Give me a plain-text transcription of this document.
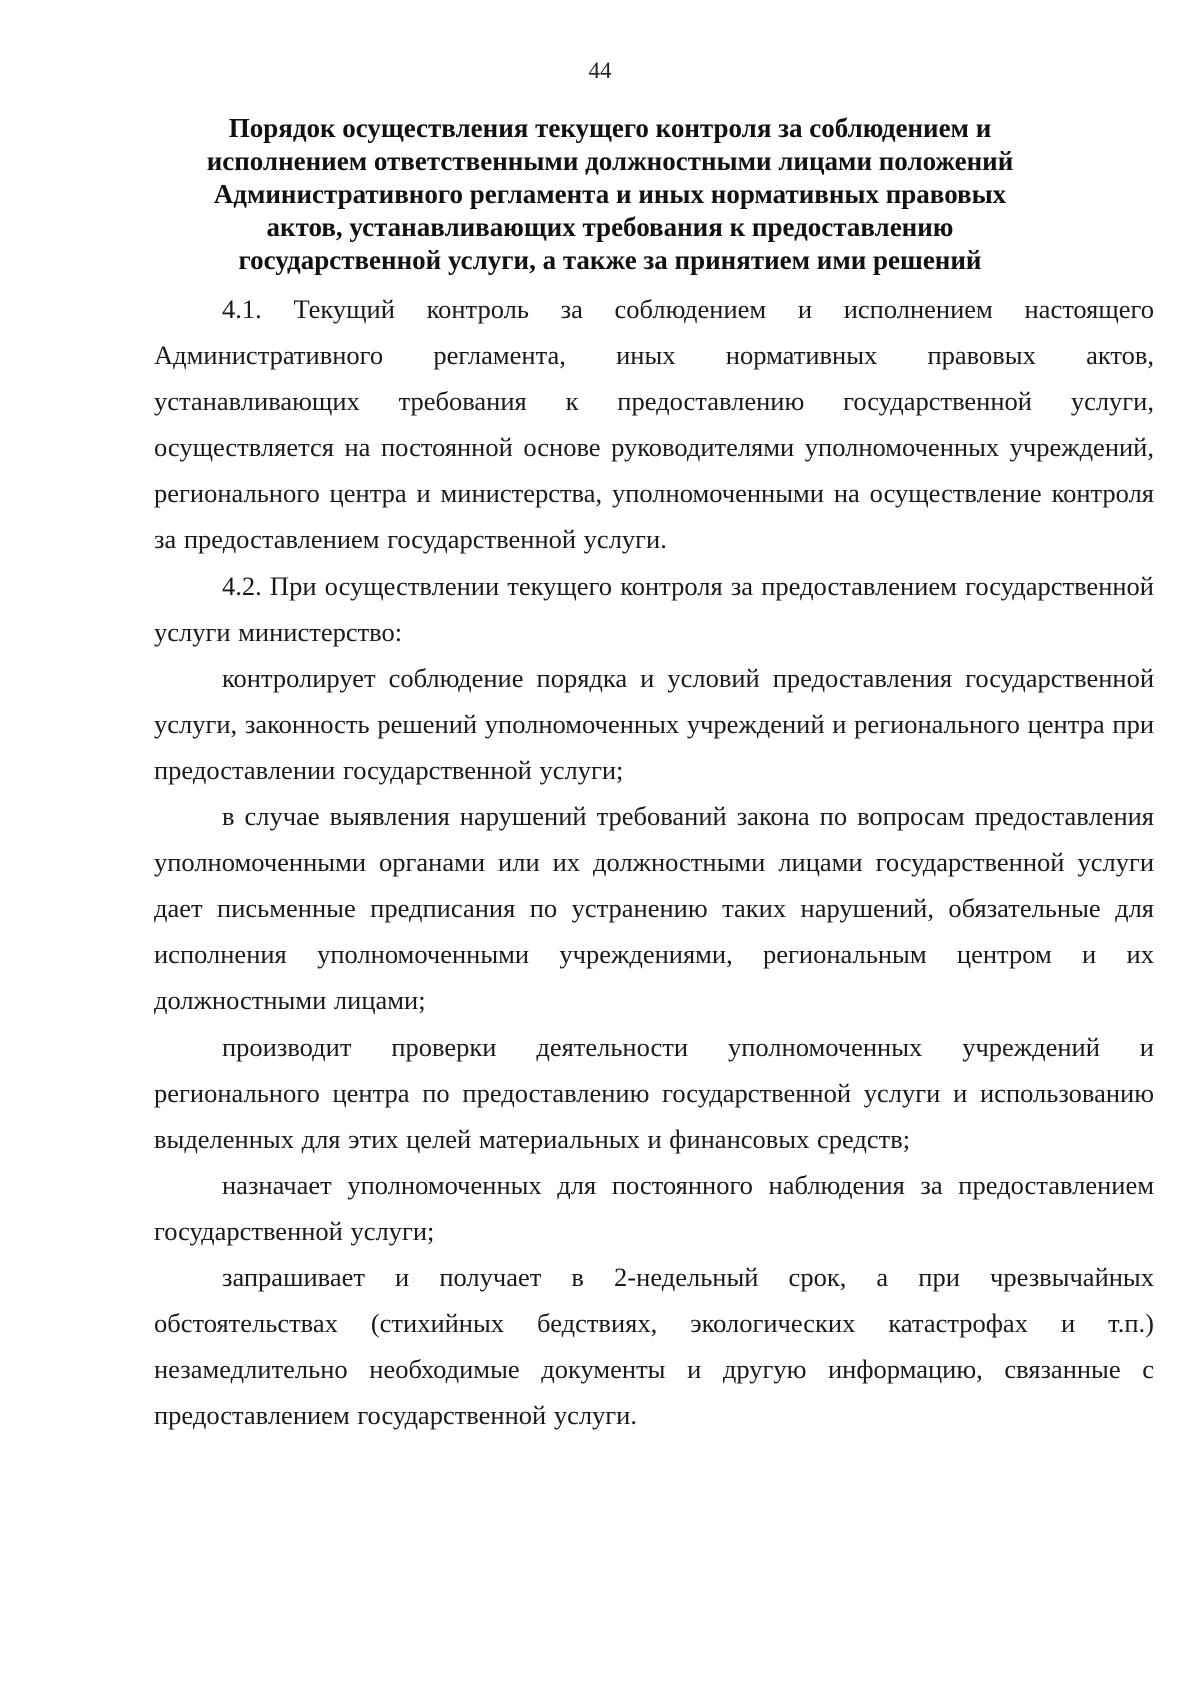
44
Порядок осуществления текущего контроля за соблюдением и
исполнением ответственными должностными лицами положений
Административного регламента и иных нормативных правовых
актов, устанавливающих требования к предоставлению
государственной услуги, а также за принятием ими решений

4.1. Текущий контроль за соблюдением и исполнением настоящего Административного регламента, иных нормативных правовых актов, устанавливающих требования к предоставлению государственной услуги, осуществляется на постоянной основе руководителями уполномоченных учреждений, регионального центра и министерства, уполномоченными на осуществление контроля за предоставлением государственной услуги.

4.2. При осуществлении текущего контроля за предоставлением государственной услуги министерство:

контролирует соблюдение порядка и условий предоставления государственной услуги, законность решений уполномоченных учреждений и регионального центра при предоставлении государственной услуги;

в случае выявления нарушений требований закона по вопросам предоставления уполномоченными органами или их должностными лицами государственной услуги дает письменные предписания по устранению таких нарушений, обязательные для исполнения уполномоченными учреждениями, региональным центром и их должностными лицами;

производит проверки деятельности уполномоченных учреждений и регионального центра по предоставлению государственной услуги и использованию выделенных для этих целей материальных и финансовых средств;

назначает уполномоченных для постоянного наблюдения за предоставлением государственной услуги;

запрашивает и получает в 2-недельный срок, а при чрезвычайных обстоятельствах (стихийных бедствиях, экологических катастрофах и т.п.) незамедлительно необходимые документы и другую информацию, связанные с предоставлением государственной услуги.
